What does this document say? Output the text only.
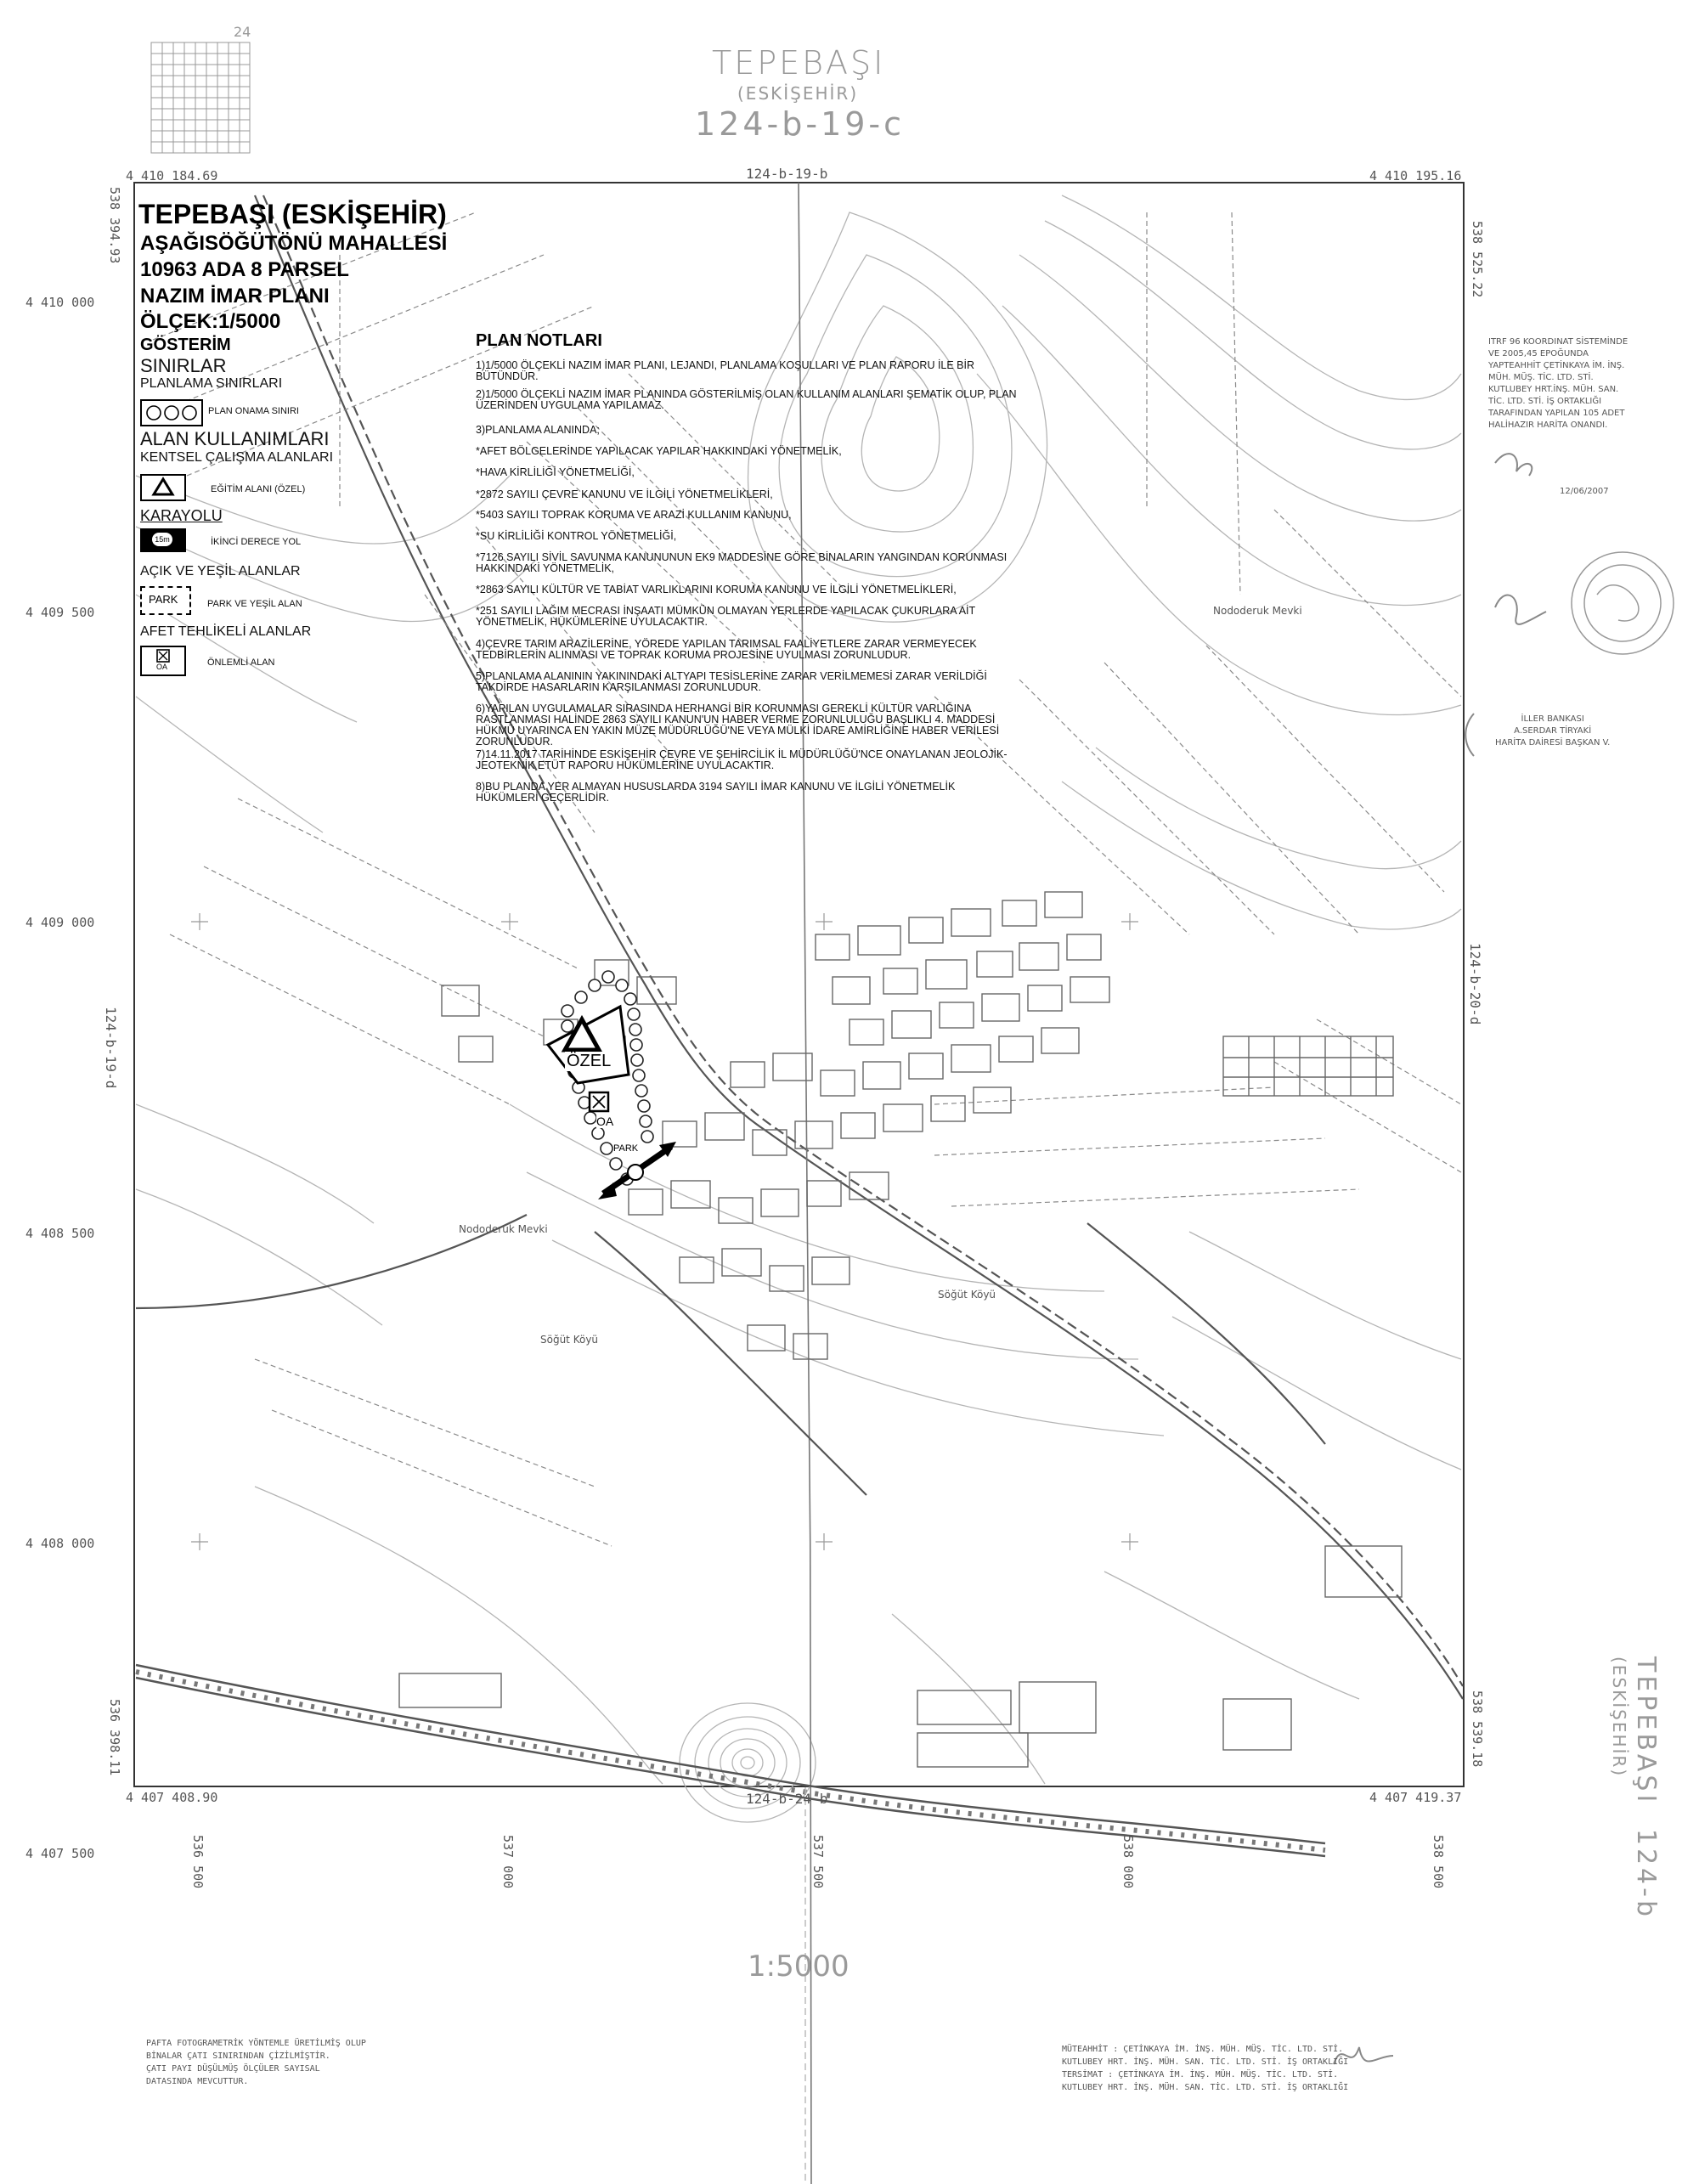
24
TEPEBAŞI
(ESKİŞEHİR)
124-b-19-c
124-b-19-b
124-b-24-b
124-b-19-d
124-b-20-d
4 410 184.69	4 410 195.16
4 407 408.90	4 407 419.37
538 394.93	538 525.22
536 398.11	538 539.18
4 410 000
4 409 500
4 409 000
4 408 500
4 408 000
4 407 500	536 500	537 000	537 500	538 000	538 500
1:5000
TEPEBAŞI 124-b
(ESKİŞEHİR)
TEPEBAŞI (ESKİŞEHİR)
AŞAĞISÖĞÜTÖNÜ MAHALLESİ
10963 ADA 8 PARSEL
NAZIM İMAR PLANI
ÖLÇEK:1/5000
GÖSTERİM
SINIRLAR
PLANLAMA SINIRLARI
PLAN ONAMA SINIRI
ALAN KULLANIMLARI
KENTSEL ÇALIŞMA ALANLARI
EĞİTİM ALANI (ÖZEL)
KARAYOLU
15m	İKİNCİ DERECE YOL
AÇIK VE YEŞİL ALANLAR
PARK	PARK VE YEŞİL ALAN
AFET TEHLİKELİ ALANLAR
OA	ÖNLEMLİ ALAN
PLAN NOTLARI
1)1/5000 ÖLÇEKLİ NAZIM İMAR PLANI, LEJANDI, PLANLAMA KOŞULLARI VE PLAN RAPORU İLE BİR BÜTÜNDÜR.
2)1/5000 ÖLÇEKLİ NAZIM İMAR PLANINDA GÖSTERİLMİŞ OLAN KULLANIM ALANLARI ŞEMATİK OLUP, PLAN ÜZERİNDEN UYGULAMA YAPILAMAZ.
3)PLANLAMA ALANINDA;
*AFET BÖLGELERİNDE YAPILACAK YAPILAR HAKKINDAKİ YÖNETMELİK,
*HAVA KİRLİLİĞİ YÖNETMELİĞİ,
*2872 SAYILI ÇEVRE KANUNU VE İLGİLİ YÖNETMELİKLERİ,
*5403 SAYILI TOPRAK KORUMA VE ARAZİ KULLANIM KANUNU,
*SU KİRLİLİĞİ KONTROL YÖNETMELİĞİ,
*7126 SAYILI SİVİL SAVUNMA KANUNUNUN EK9 MADDESİNE GÖRE BİNALARIN YANGINDAN KORUNMASI HAKKINDAKİ YÖNETMELİK,
*2863 SAYILI KÜLTÜR VE TABİAT VARLIKLARINI KORUMA KANUNU VE İLGİLİ YÖNETMELİKLERİ,
*251 SAYILI LAĞIM MECRASI İNŞAATI MÜMKÜN OLMAYAN YERLERDE YAPILACAK ÇUKURLARA AİT YÖNETMELİK, HÜKÜMLERİNE UYULACAKTIR.
4)ÇEVRE TARIM ARAZİLERİNE, YÖREDE YAPILAN TARIMSAL FAALİYETLERE ZARAR VERMEYECEK TEDBİRLERİN ALINMASI VE TOPRAK KORUMA PROJESİNE UYULMASI ZORUNLUDUR.
5)PLANLAMA ALANININ YAKININDAKİ ALTYAPI TESİSLERİNE ZARAR VERİLMEMESİ ZARAR VERİLDİĞİ TAKDİRDE HASARLARIN KARŞILANMASI ZORUNLUDUR.
6)YAPILAN UYGULAMALAR SIRASINDA HERHANGİ BİR KORUNMASI GEREKLİ KÜLTÜR VARLIĞINA RASTLANMASI HALİNDE 2863 SAYILI KANUN'UN HABER VERME ZORUNLULUĞU BAŞLIKLI 4. MADDESİ HÜKMÜ UYARINCA EN YAKIN MÜZE MÜDÜRLÜĞÜ'NE VEYA MÜLKİ İDARE AMİRLİĞİNE HABER VERİLESİ ZORUNLUDUR.
7)14.11.2017 TARİHİNDE ESKİŞEHİR ÇEVRE VE ŞEHİRCİLİK İL MÜDÜRLÜĞÜ'NCE ONAYLANAN JEOLOJİK-JEOTEKNİK ETÜT RAPORU HÜKÜMLERİNE UYULACAKTIR.
8)BU PLANDA YER ALMAYAN HUSUSLARDA 3194 SAYILI İMAR KANUNU VE İLGİLİ YÖNETMELİK HÜKÜMLERİ GEÇERLİDİR.
ÖZEL
OA
PARK
Nododeruk Mevki
Nododeruk Mevki
Söğüt Köyü
Söğüt Köyü
ITRF 96 KOORDINAT SİSTEMİNDE
VE 2005,45 EPOĞUNDA
YAPTEAHHİT ÇETİNKAYA İM. İNŞ.
MÜH. MÜŞ. TİC. LTD. STİ.
KUTLUBEY HRT.İNŞ. MÜH. SAN.
TİC. LTD. STİ. İŞ ORTAKLIĞI
TARAFINDAN YAPILAN 105 ADET
HALİHAZIR HARİTA ONANDI.
12/06/2007
İLLER BANKASI
A.SERDAR TİRYAKİ
HARİTA DAİRESİ BAŞKAN V.
PAFTA FOTOGRAMETRİK YÖNTEMLE ÜRETİLMİŞ OLUP
BİNALAR ÇATI SINIRINDAN ÇİZİLMİŞTİR.
ÇATI PAYI DÜŞÜLMÜŞ ÖLÇÜLER SAYISAL
DATASINDA MEVCUTTUR.
MÜTEAHHİT : ÇETİNKAYA İM. İNŞ. MÜH. MÜŞ. TİC. LTD. STİ.
KUTLUBEY HRT. İNŞ. MÜH. SAN. TİC. LTD. STİ. İŞ ORTAKLIĞI
TERSİMAT : ÇETİNKAYA İM. İNŞ. MÜH. MÜŞ. TİC. LTD. STİ.
KUTLUBEY HRT. İNŞ. MÜH. SAN. TİC. LTD. STİ. İŞ ORTAKLIĞI
